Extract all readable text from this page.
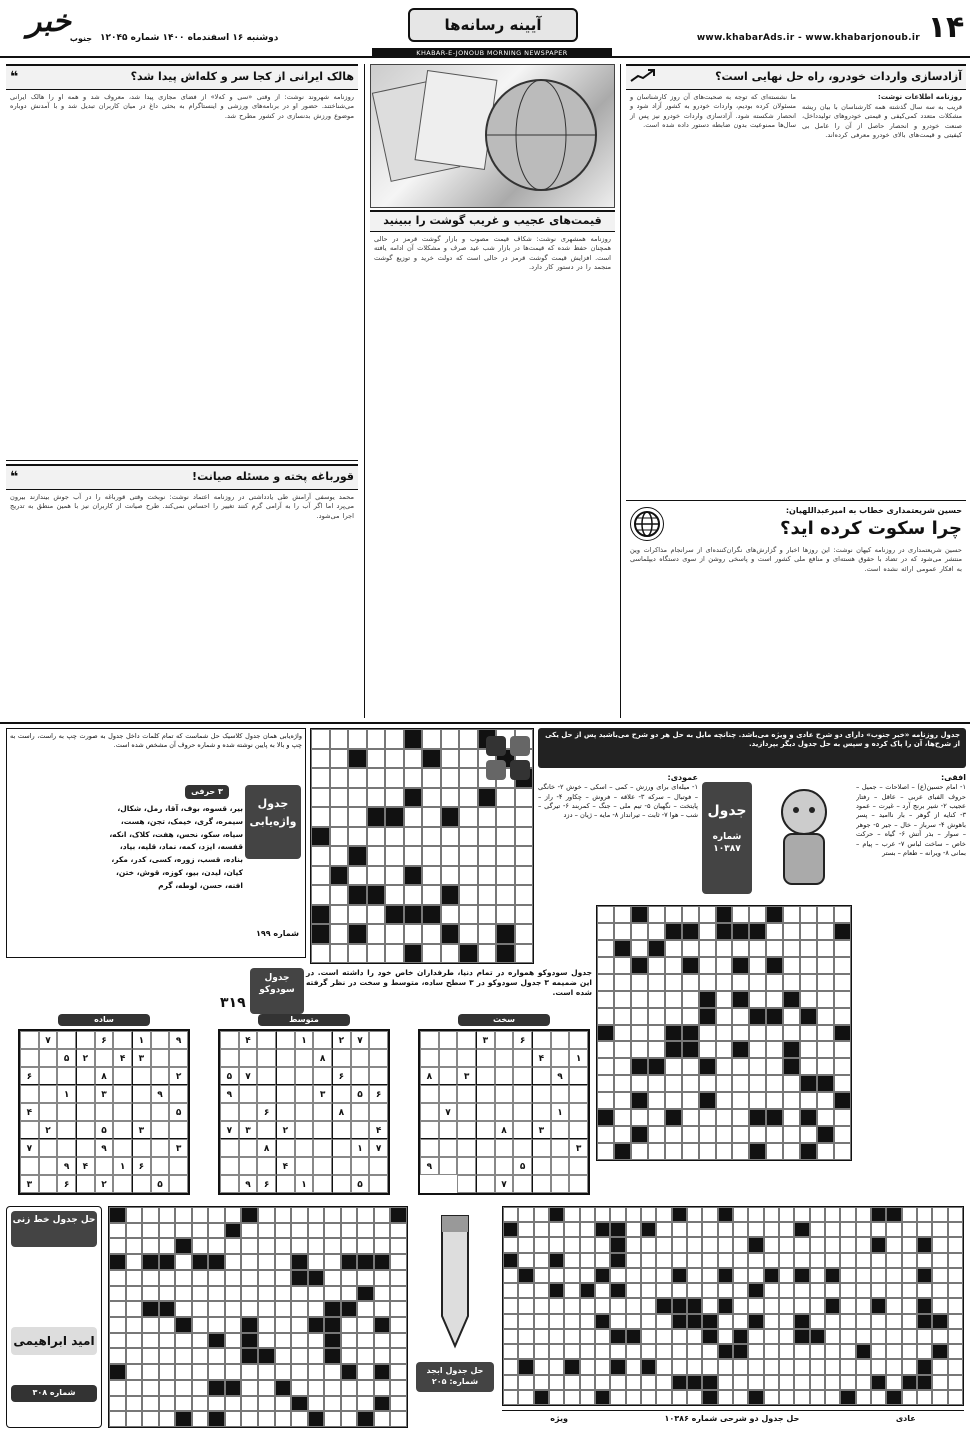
۱۴
www.khabarAds.ir - www.khabarjonoub.ir
آیینه رسانه‌ها
دوشنبه ۱۶ اسفندماه ۱۴۰۰ شماره ۱۲۰۴۵
خبر
جنوب
KHABAR-E-JONOUB MORNING NEWSPAPER
آزادسازی واردات خودرو، راه حل نهایی است؟
روزنامه اطلاعات نوشت:
قریب به سه سال گذشته همه کارشناسان با بیان ریشه مشکلات متعدد کمی‌کیفی و قیمتی خودروهای تولیدداخل، صنعت خودرو و انحصار حاصل از آن را عامل بی کیفیتی و قیمت‌های بالای خودرو معرفی کرده‌اند.
ما نشسته‌ای که توجه به صحبت‌های آن روز کارشناسان و مسئولان کرده بودیم، واردات خودرو به کشور آزاد شود و انحصار شکسته شود. آزادسازی واردات خودرو نیز پس از سال‌ها ممنوعیت بدون ضابطه دستور داده شده است.
حسین شریعتمداری خطاب به امیرعبداللهیان:
چرا سکوت کرده اید؟
حسین شریعتمداری در روزنامه کیهان نوشت: این روزها اخبار و گزارش‌های نگران‌کننده‌ای از سرانجام مذاکرات وین منتشر می‌شود که در تضاد با حقوق هسته‌ای و منافع ملی کشور است و پاسخی روشن از سوی دستگاه دیپلماسی به افکار عمومی ارائه نشده است.
قیمت‌های عجیب و غریب گوشت را ببینید
روزنامه همشهری نوشت: شکاف قیمت مصوب و بازار گوشت قرمز در حالی همچنان حفظ شده که قیمت‌ها در بازار شب عید صرف و مشکلات آن ادامه یافته است. افزایش قیمت گوشت قرمز در حالی است که دولت خرید و توزیع گوشت منجمد را در دستور کار دارد.
هالک ایرانی از کجا سر و کله‌اش پیدا شد؟
❝
روزنامه شهروند نوشت: از وقتی «سی و که‌لا» از فضای مجازی پیدا شد، معروف شد و همه او را هالک ایرانی می‌شناختند. حضور او در برنامه‌های ورزشی و اینستاگرام به بحثی داغ در میان کاربران تبدیل شد و با آمدنش دوباره موضوع ورزش بدنسازی در کشور مطرح شد.
قورباغه پخته و مسئله صیانت!
❝
محمد یوسفی آرامش طی یادداشتی در روزنامه اعتماد نوشت: نوبخت وقتی قورباغه را در آب جوش بیندازند بیرون می‌پرد اما اگر آب را به آرامی گرم کنند تغییر را احساس نمی‌کند. طرح صیانت از کاربران نیز با همین منطق به تدریج اجرا می‌شود.
واژه‌یابی همان جدول کلاسیک حل شماست که تمام کلمات داخل جدول به صورت چپ به راست، راست به چپ و بالا به پایین نوشته شده و شماره حروف آن مشخص شده است.
جدول واژه‌یابی
شماره ۱۹۹
۳ حرفی
بیر، قسوه، بوف، آقا، رمل، شکال، سیمره، گری، خیمک، تجن، هست، سیاه، سکو، نحس، هفت، کلاک، انکه، قفسه، ایزد، کمه، نماد، قلیه، بیاد، بناده، قسب، زوره، کسی، کدر، مکر، کیان، لیدن، بیو، کوزه، قوش، ختن، افنه، حسن، لوطه، گرم
جدول روزنامه «خبر جنوب» دارای دو شرح عادی و ویژه می‌باشد. چنانچه مایل به حل هر دو شرح می‌باشید پس از حل یکی از شرح‌ها، آن را پاک کرده و سپس به حل جدول دیگر بپردازید.
افقی:
۱- امام حسین(ع) – اصلاحات – جمیل – حروف الفبای عربی – عاقل – رفتار عجیب ۲- شیر برنج آرد – غیرت – عمود ۳- کنایه از گوهر – بار ناامید – پسر باهوش ۴- سرباز – خال – جیر ۵- جوهر – سوار – بذر آتش ۶- گیاه – حرکت خاص – ساخت لباس ۷- عرب – پیام – بمانی ۸- ویرانه – طعام – بستر
عمودی:
۱- میله‌ای برای ورزش – کمی – اسکی – خوش ۲- خانگی – فوتبال – سرکه ۳- علاقه – فروش – چکاور ۴- راز – پایتخت – نگهبان ۵- تیم ملی – جنگ – کمربند ۶- تیرگی – شب – هوا ۷- ثابت – تیرانداز ۸- مایه – ژیان – دزد جدول
شماره ۱۰۳۸۷
جدول سودوکو
۳۱۹
جدول سودوکو همواره در تمام دنیا، طرفداران خاص خود را داشته است. در این ضمیمه ۳ جدول سودوکو در ۳ سطح ساده، متوسط و سخت در نظر گرفته شده است.
سخت
۶
۳
۱
۴
۹
۳
۸
۱
۷
۳
۸
۳
۵
۹
۷
متوسط
۷
۲
۱
۴
۸
۶
۷
۵
۶
۵
۳
۹
۸
۶
۴
۲
۳
۷
۷
۱
۸
۴
۵
۱
۶
۹
ساده
۹
۱
۶
۷
۳
۴
۲
۵
۲
۸
۶
۹
۳
۱
۵
۴
۳
۵
۲
۳
۹
۷
۶
۱
۴
۹
۵
۲
۶
۳
حل جدول خط زنی
امید ابراهیمی
شماره ۳۰۸
حل جدول ابجد
شماره: ۲۰۵
عادی
حل جدول دو شرحی شماره ۱۰۳۸۶
ویژه
